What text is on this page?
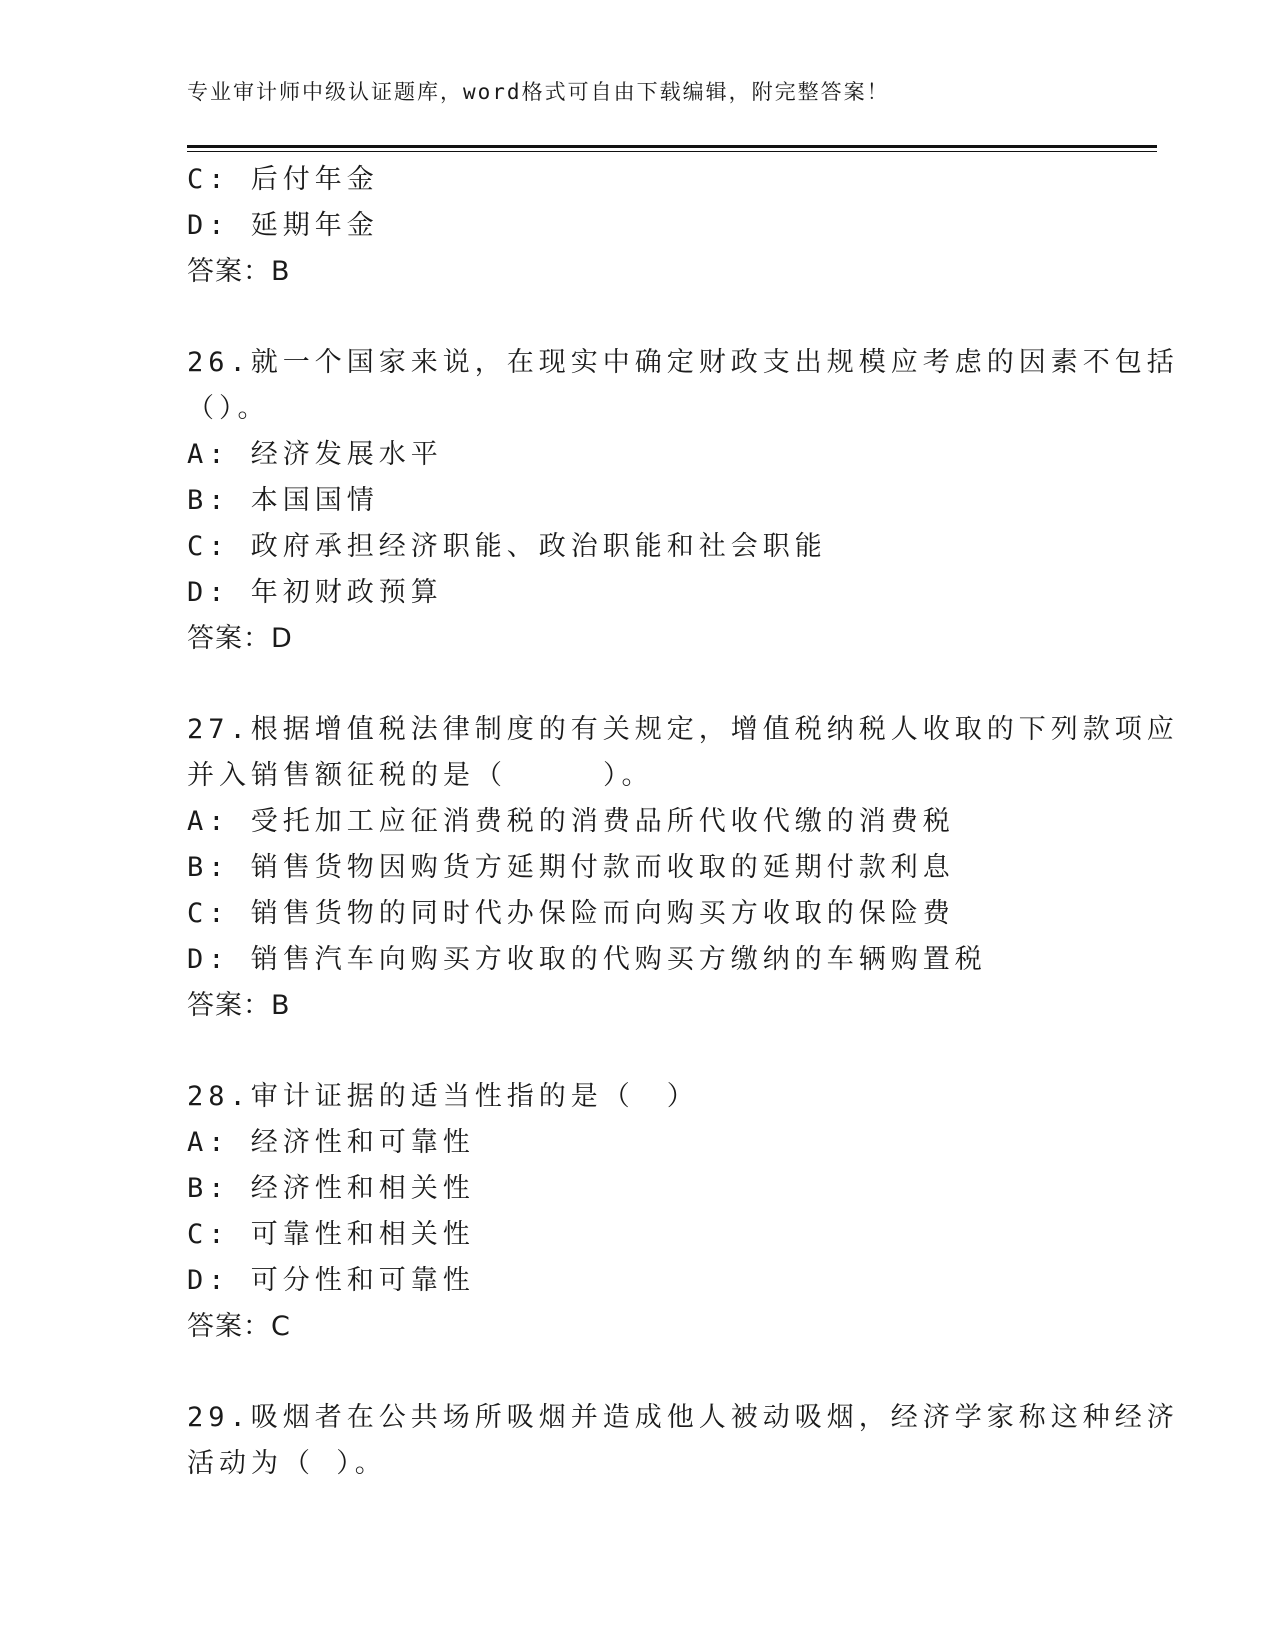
专业审计师中级认证题库，word格式可自由下载编辑，附完整答案！
C: 后付年金
D: 延期年金
答案：B
26.就一个国家来说，在现实中确定财政支出规模应考虑的因素不包括
（）。
A: 经济发展水平
B: 本国国情
C: 政府承担经济职能、政治职能和社会职能
D: 年初财政预算
答案：D
27.根据增值税法律制度的有关规定，增值税纳税人收取的下列款项应
并入销售额征税的是（　　　）。
A: 受托加工应征消费税的消费品所代收代缴的消费税
B: 销售货物因购货方延期付款而收取的延期付款利息
C: 销售货物的同时代办保险而向购买方收取的保险费
D: 销售汽车向购买方收取的代购买方缴纳的车辆购置税
答案：B
28.审计证据的适当性指的是（　）
A: 经济性和可靠性
B: 经济性和相关性
C: 可靠性和相关性
D: 可分性和可靠性
答案：C
29.吸烟者在公共场所吸烟并造成他人被动吸烟，经济学家称这种经济
活动为（ ）。
